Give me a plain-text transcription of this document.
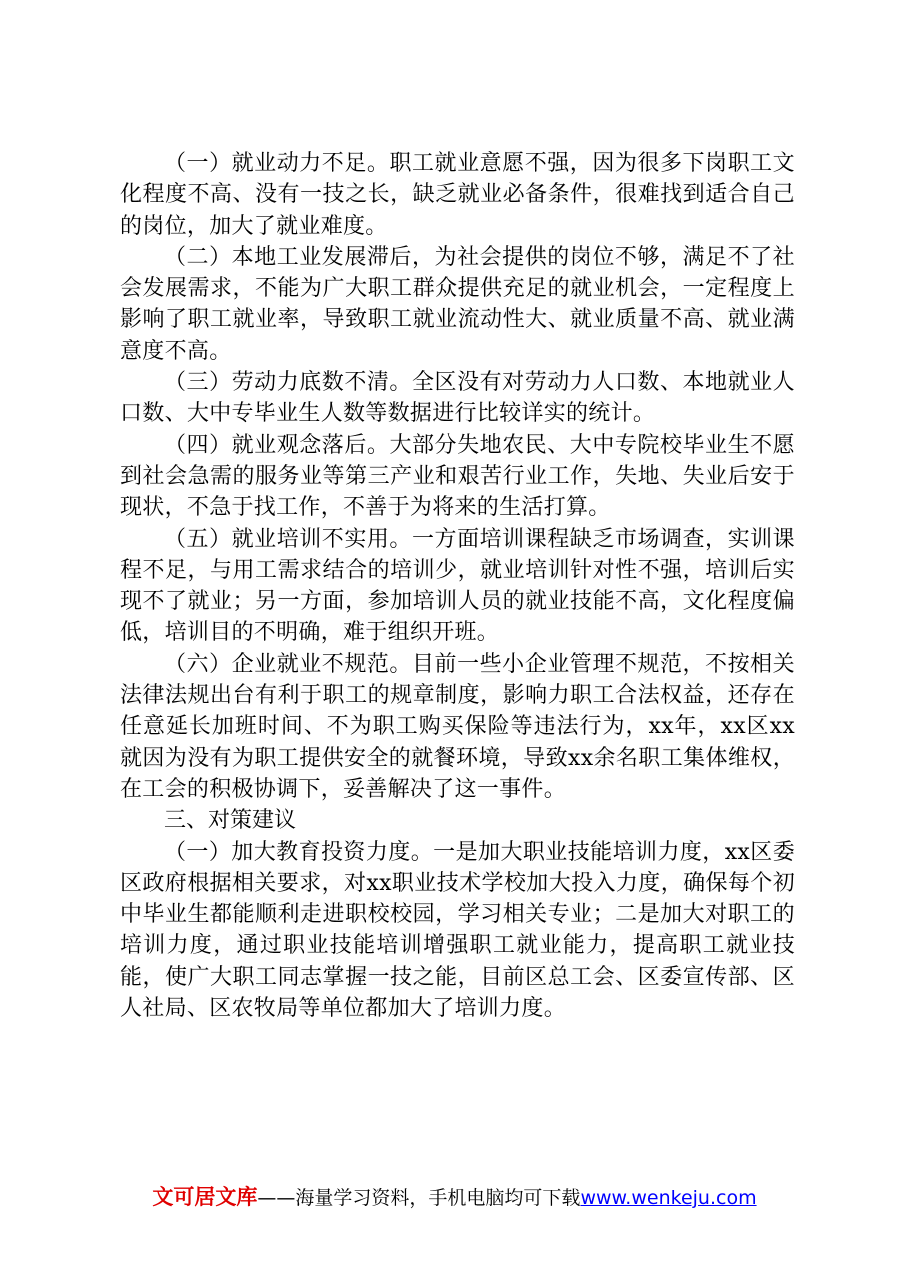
（一）就业动力不足。职工就业意愿不强，因为很多下岗职工文化程度不高、没有一技之长，缺乏就业必备条件，很难找到适合自己的岗位，加大了就业难度。

（二）本地工业发展滞后，为社会提供的岗位不够，满足不了社会发展需求，不能为广大职工群众提供充足的就业机会，一定程度上影响了职工就业率，导致职工就业流动性大、就业质量不高、就业满意度不高。

（三）劳动力底数不清。全区没有对劳动力人口数、本地就业人口数、大中专毕业生人数等数据进行比较详实的统计。

（四）就业观念落后。大部分失地农民、大中专院校毕业生不愿到社会急需的服务业等第三产业和艰苦行业工作，失地、失业后安于现状，不急于找工作，不善于为将来的生活打算。

（五）就业培训不实用。一方面培训课程缺乏市场调查，实训课程不足，与用工需求结合的培训少，就业培训针对性不强，培训后实现不了就业；另一方面，参加培训人员的就业技能不高，文化程度偏低，培训目的不明确，难于组织开班。

（六）企业就业不规范。目前一些小企业管理不规范，不按相关法律法规出台有利于职工的规章制度，影响力职工合法权益，还存在任意延长加班时间、不为职工购买保险等违法行为，xx年，xx区xx就因为没有为职工提供安全的就餐环境，导致xx余名职工集体维权，在工会的积极协调下，妥善解决了这一事件。

三、对策建议

（一）加大教育投资力度。一是加大职业技能培训力度，xx区委区政府根据相关要求，对xx职业技术学校加大投入力度，确保每个初中毕业生都能顺利走进职校校园，学习相关专业；二是加大对职工的培训力度，通过职业技能培训增强职工就业能力，提高职工就业技能，使广大职工同志掌握一技之能，目前区总工会、区委宣传部、区人社局、区农牧局等单位都加大了培训力度。

文可居文库——海量学习资料，手机电脑均可下载www.wenkeju.com
